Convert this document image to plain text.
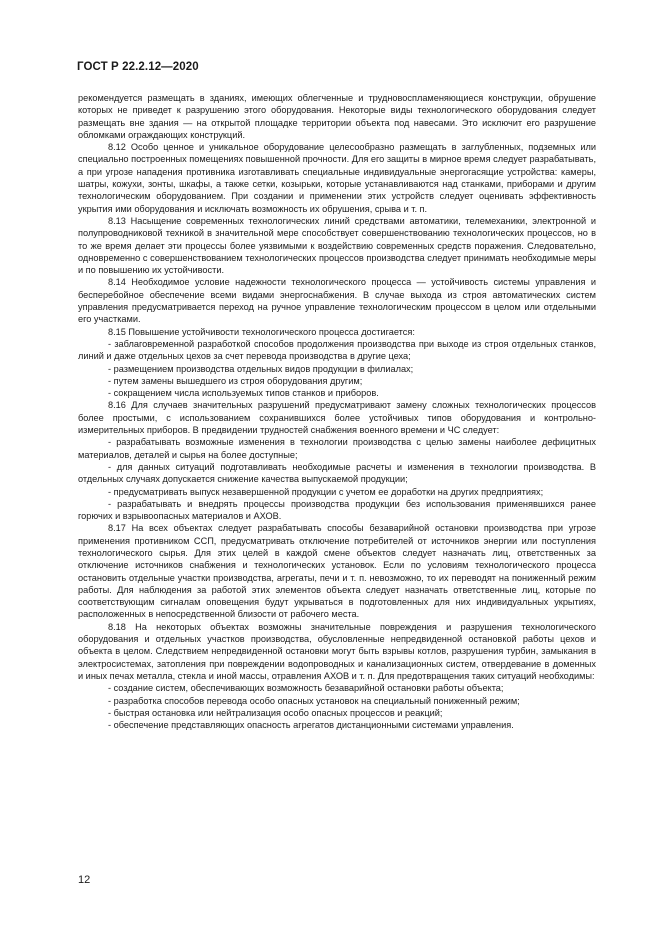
ГОСТ Р 22.2.12—2020

рекомендуется размещать в зданиях, имеющих облегченные и трудновоспламеняющиеся конструкции, обрушение которых не приведет к разрушению этого оборудования. Некоторые виды технологического оборудования следует размещать вне здания — на открытой площадке территории объекта под навесами. Это исключит его разрушение обломками ограждающих конструкций.

8.12 Особо ценное и уникальное оборудование целесообразно размещать в заглубленных, подземных или специально построенных помещениях повышенной прочности. Для его защиты в мирное время следует разрабатывать, а при угрозе нападения противника изготавливать специальные индивидуальные энергогасящие устройства: камеры, шатры, кожухи, зонты, шкафы, а также сетки, козырьки, которые устанавливаются над станками, приборами и другим технологическим оборудованием. При создании и применении этих устройств следует оценивать эффективность укрытия ими оборудования и исключать возможность их обрушения, срыва и т. п.

8.13 Насыщение современных технологических линий средствами автоматики, телемеханики, электронной и полупроводниковой техникой в значительной мере способствует совершенствованию технологических процессов, но в то же время делает эти процессы более уязвимыми к воздействию современных средств поражения. Следовательно, одновременно с совершенствованием технологических процессов производства следует принимать необходимые меры и по повышению их устойчивости.

8.14 Необходимое условие надежности технологического процесса — устойчивость системы управления и бесперебойное обеспечение всеми видами энергоснабжения. В случае выхода из строя автоматических систем управления предусматривается переход на ручное управление технологическим процессом в целом или отдельными его участками.

8.15 Повышение устойчивости технологического процесса достигается:

- заблаговременной разработкой способов продолжения производства при выходе из строя отдельных станков, линий и даже отдельных цехов за счет перевода производства в другие цеха;

- размещением производства отдельных видов продукции в филиалах;

- путем замены вышедшего из строя оборудования другим;

- сокращением числа используемых типов станков и приборов.

8.16 Для случаев значительных разрушений предусматривают замену сложных технологических процессов более простыми, с использованием сохранившихся более устойчивых типов оборудования и контрольно-измерительных приборов. В предвидении трудностей снабжения военного времени и ЧС следует:

- разрабатывать возможные изменения в технологии производства с целью замены наиболее дефицитных материалов, деталей и сырья на более доступные;

- для данных ситуаций подготавливать необходимые расчеты и изменения в технологии производства. В отдельных случаях допускается снижение качества выпускаемой продукции;

- предусматривать выпуск незавершенной продукции с учетом ее доработки на других предприятиях;

- разрабатывать и внедрять процессы производства продукции без использования применявшихся ранее горючих и взрывоопасных материалов и АХОВ.

8.17 На всех объектах следует разрабатывать способы безаварийной остановки производства при угрозе применения противником ССП, предусматривать отключение потребителей от источников энергии или поступления технологического сырья. Для этих целей в каждой смене объектов следует назначать лиц, ответственных за отключение источников снабжения и технологических установок. Если по условиям технологического процесса остановить отдельные участки производства, агрегаты, печи и т. п. невозможно, то их переводят на пониженный режим работы. Для наблюдения за работой этих элементов объекта следует назначать ответственные лиц, которые по соответствующим сигналам оповещения будут укрываться в подготовленных для них индивидуальных укрытиях, расположенных в непосредственной близости от рабочего места.

8.18 На некоторых объектах возможны значительные повреждения и разрушения технологического оборудования и отдельных участков производства, обусловленные непредвиденной остановкой работы цехов и объекта в целом. Следствием непредвиденной остановки могут быть взрывы котлов, разрушения турбин, замыкания в электросистемах, затопления при повреждении водопроводных и канализационных систем, отвердевание в доменных и иных печах металла, стекла и иной массы, отравления АХОВ и т. п. Для предотвращения таких ситуаций необходимы:

- создание систем, обеспечивающих возможность безаварийной остановки работы объекта;

- разработка способов перевода особо опасных установок на специальный пониженный режим;

- быстрая остановка или нейтрализация особо опасных процессов и реакций;

- обеспечение представляющих опасность агрегатов дистанционными системами управления.

12
